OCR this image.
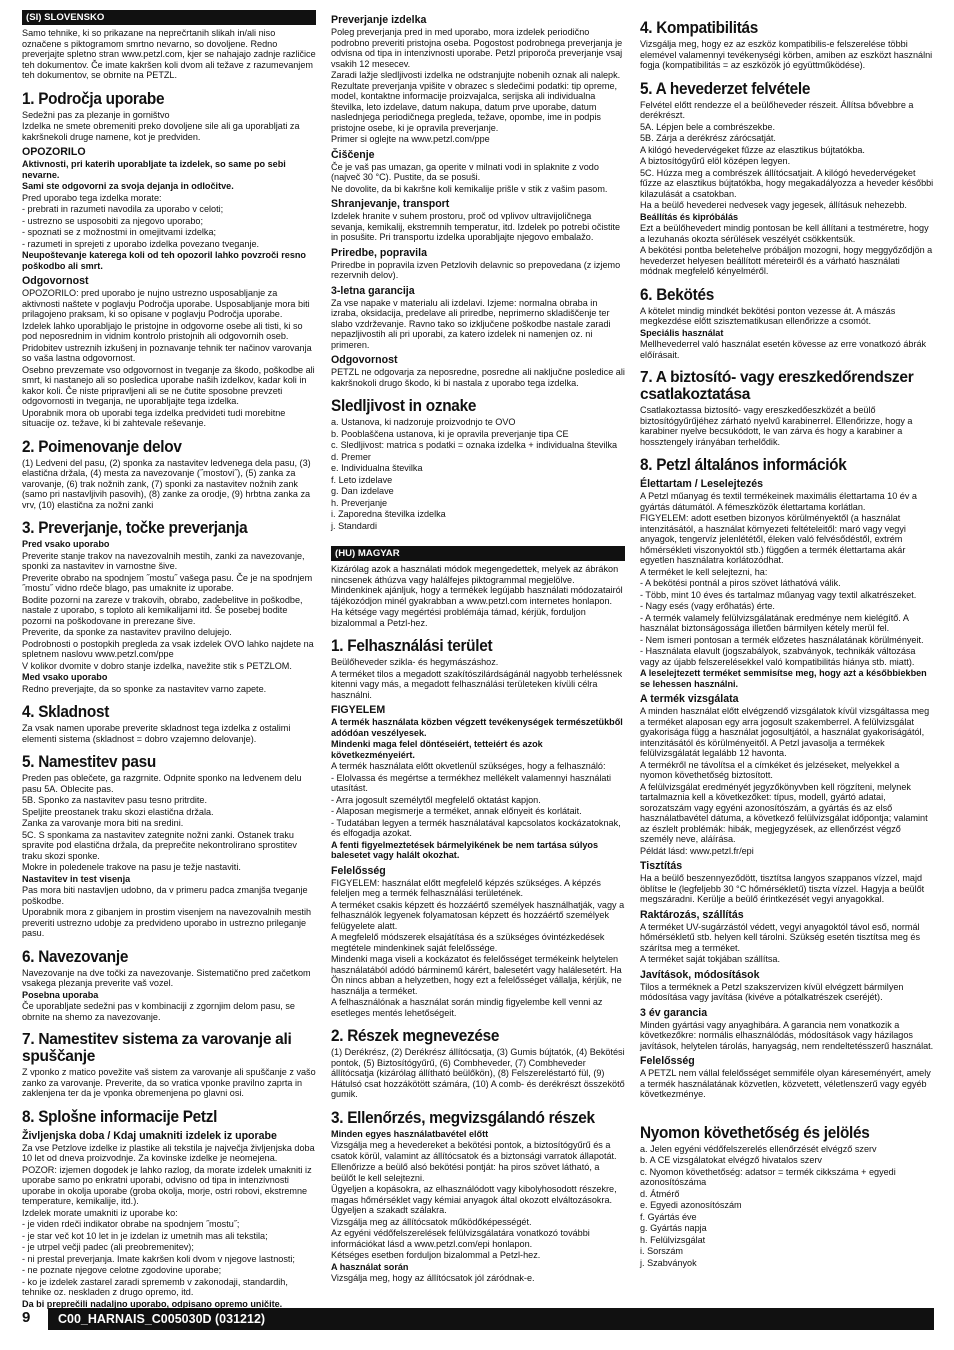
(SI) SLOVENSKO
Samo tehnike, ki so prikazane na neprečrtanih slikah in/ali niso označene s piktogramom smrtno nevarno, so dovoljene. Redno preverjajte spletno stran www.petzl.com, kjer se nahajajo zadnje različice teh dokumentov. Če imate kakršen koli dvom ali težave z razumevanjem teh dokumentov, se obrnite na PETZL.
1. Področja uporabe
Sedežni pas za plezanje in gorništvo
Izdelka ne smete obremeniti preko dovoljene sile ali ga uporabljati za kakršnekoli druge namene, kot je predviden.
OPOZORILO
Aktivnosti, pri katerih uporabljate ta izdelek, so same po sebi nevarne.
Sami ste odgovorni za svoja dejanja in odločitve.
Pred uporabo tega izdelka morate:
- prebrati in razumeti navodila za uporabo v celoti;
- ustrezno se usposobiti za njegovo uporabo;
- spoznati se z možnostmi in omejitvami izdelka;
- razumeti in sprejeti z uporabo izdelka povezano tveganje.
Neupoštevanje katerega koli od teh opozoril lahko povzroči resno poškodbo ali smrt.
Odgovornost
OPOZORILO: pred uporabo je nujno ustrezno usposabljanje za aktivnosti naštete v poglavju Področja uporabe. Usposabljanje mora biti prilagojeno praksam, ki so opisane v poglavju Področja uporabe.
Izdelek lahko uporabljajo le pristojne in odgovorne osebe ali tisti, ki so pod neposrednim in vidnim kontrolo pristojnih ali odgovornih oseb.
Pridobitev ustreznih izkušenj in poznavanje tehnik ter načinov varovanja so vaša lastna odgovornost.
Osebno prevzemate vso odgovornost in tveganje za škodo, poškodbe ali smrt, ki nastanejo ali so posledica uporabe naših izdelkov, kadar koli in kakor koli. Če niste pripravljeni ali se ne čutite sposobne prevzeti odgovornosti in tveganja, ne uporabljajte tega izdelka.
Uporabnik mora ob uporabi tega izdelka predvideti tudi morebitne situacije oz. težave, ki bi zahtevale reševanje.
2. Poimenovanje delov
(1) Ledveni del pasu, (2) sponka za nastavitev ledvenega dela pasu, (3) elastična držala, (4) mesta za navezovanje (˝mostovi˝), (5) zanka za varovanje, (6) trak nožnih zank, (7) sponki za nastavitev nožnih zank (samo pri nastavljivih pasovih), (8) zanke za orodje, (9) hrbtna zanka za vrv, (10) elastična za nožni zanki
3. Preverjanje, točke preverjanja
Pred vsako uporabo
Preverite stanje trakov na navezovalnih mestih, zanki za navezovanje, sponki za nastavitev in varnostne šive.
Preverite obrabo na spodnjem ˝mostu˝ vašega pasu. Če je na spodnjem ˝mostu˝ vidno rdeče blago, pas umaknite iz uporabe.
Bodite pozorni na zareze v trakovih, obrabo, zadebelitve in poškodbe, nastale z uporabo, s toploto ali kemikalijami itd. Še posebej bodite pozorni na poškodovane in prerezane šive.
Preverite, da sponke za nastavitev pravilno delujejo.
Podrobnosti o postopkih pregleda za vsak izdelek OVO lahko najdete na spletnem naslovu www.petzl.com/ppe
V kolikor dvomite v dobro stanje izdelka, navežite stik s PETZLOM.
Med vsako uporabo
Redno preverjajte, da so sponke za nastavitev varno zapete.
4. Skladnost
Za vsak namen uporabe preverite skladnost tega izdelka z ostalimi elementi sistema (skladnost = dobro vzajemno delovanje).
5. Namestitev pasu
Preden pas oblečete, ga razgrnite. Odpnite sponko na ledvenem delu pasu 5A. Oblecite pas.
5B. Sponko za nastavitev pasu tesno pritrdite.
Speljite preostanek traku skozi elastična držala.
Zanka za varovanje mora biti na sredini.
5C. S sponkama za nastavitev zategnite nožni zanki. Ostanek traku spravite pod elastična držala, da preprečite nekontrolirano sprostitev traku skozi sponke.
Mokre in poledenele trakove na pasu je težje nastaviti.
Nastavitev in test visenja
Pas mora biti nastavljen udobno, da v primeru padca zmanjša tveganje poškodbe.
Uporabnik mora z gibanjem in prostim visenjem na navezovalnih mestih preveriti ustrezno udobje za predvideno uporabo in ustrezno prileganje pasu.
6. Navezovanje
Navezovanje na dve točki za navezovanje. Sistematično pred začetkom vsakega plezanja preverite vaš vozel.
Posebna uporaba
Če uporabljate sedežni pas v kombinaciji z zgornjim delom pasu, se obrnite na shemo za navezovanje.
7. Namestitev sistema za varovanje ali spuščanje
Z vponko z matico povežite vaš sistem za varovanje ali spuščanje z vašo zanko za varovanje. Preverite, da so vratica vponke pravilno zaprta in zaklenjena ter da je vponka obremenjena po glavni osi.
8. Splošne informacije Petzl
Življenjska doba / Kdaj umakniti izdelek iz uporabe
Za vse Petzlove izdelke iz plastike ali tekstila je največja življenjska doba 10 let od dneva proizvodnje. Za kovinske izdelke je neomejena.
POZOR: izjemen dogodek je lahko razlog, da morate izdelek umakniti iz uporabe samo po enkratni uporabi, odvisno od tipa in intenzivnosti uporabe in okolja uporabe (groba okolja, morje, ostri robovi, ekstremne temperature, kemikalije, itd.).
Izdelek morate umakniti iz uporabe ko:
- je viden rdeči indikator obrabe na spodnjem ˝mostu˝;
- je star več kot 10 let in je izdelan iz umetnih mas ali tekstila;
- je utrpel večji padec (ali preobremenitev);
- ni prestal preverjanja. Imate kakršen koli dvom v njegove lastnosti;
- ne poznate njegove celotne zgodovine uporabe;
- ko je izdelek zastarel zaradi sprememb v zakonodaji, standardih, tehnike oz. neskladen z drugo opremo, itd.
Da bi preprečili nadaljno uporabo, odpisano opremo uničite.
Preverjanje izdelka
Poleg preverjanja pred in med uporabo, mora izdelek periodično podrobno preveriti pristojna oseba. Pogostost podrobnega preverjanja je odvisna od tipa in intenzivnosti uporabe. Petzl priporoča preverjanje vsaj vsakih 12 mesecev.
Zaradi lažje sledljivosti izdelka ne odstranjujte nobenih oznak ali nalepk. Rezultate preverjanja vpišite v obrazec s sledečimi podatki: tip opreme, model, kontaktne informacije proizvajalca, serijska ali individualna številka, leto izdelave, datum nakupa, datum prve uporabe, datum naslednjega periodičnega pregleda, težave, opombe, ime in podpis pristojne osebe, ki je opravila preverjanje.
Primer si oglejte na www.petzl.com/ppe
Čiščenje
Če je vaš pas umazan, ga operite v milnati vodi in splaknite z vodo (največ 30 °C). Pustite, da se posuši.
Ne dovolite, da bi kakršne koli kemikalije prišle v stik z vašim pasom.
Shranjevanje, transport
Izdelek hranite v suhem prostoru, proč od vplivov ultravijoličnega sevanja, kemikalij, ekstremnih temperatur, itd. Izdelek po potrebi očistite in posušite. Pri transportu izdelka uporabljajte njegovo embalažo.
Priredbe, popravila
Priredbe in popravila izven Petzlovih delavnic so prepovedana (z izjemo rezervnih delov).
3-letna garancija
Za vse napake v materialu ali izdelavi. Izjeme: normalna obraba in izraba, oksidacija, predelave ali priredbe, neprimerno skladiščenje ter slabo vzdrževanje. Ravno tako so izključene poškodbe nastale zaradi nepazljivostih ali pri uporabi, za katero izdelek ni namenjen oz. ni primeren.
Odgovornost
PETZL ne odgovarja za neposredne, posredne ali naključne posledice ali kakršnokoli drugo škodo, ki bi nastala z uporabo tega izdelka.
Sledljivost in oznake
a. Ustanova, ki nadzoruje proizvodnjo te OVO
b. Pooblaščena ustanova, ki je opravila preverjanje tipa CE
c. Sledljivost: matrica s podatki = oznaka izdelka + individualna številka
d. Premer
e. Individualna številka
f. Leto izdelave
g. Dan izdelave
h. Preverjanje
i. Zaporedna številka izdelka
j. Standardi
(HU) MAGYAR
Kizárólag azok a használati módok megengedettek, melyek az ábrákon nincsenek áthúzva vagy halálfejes piktogrammal megjelölve. Mindenkinek ajánljuk, hogy a termékek legújabb használati módozatairól tájékozódjon minél gyakrabban a www.petzl.com internetes honlapon.
Ha kétsége vagy megértési problémája támad, kérjük, forduljon bizalommal a Petzl-hez.
1. Felhasználási terület
Beülőheveder szikla- és hegymászáshoz.
A terméket tilos a megadott szakítószilárdságánál nagyobb terheléssnek kitenni vagy más, a megadott felhasználási területeken kívüli célra használni.
FIGYELEM
A termék használata közben végzett tevékenységek természetükből adódóan veszélyesek.
Mindenki maga felel döntéseiért, tetteiért és azok következményeiért.
A termék használata előtt okvetlenül szükséges, hogy a felhasználó:
- Elolvassa és megértse a termékhez mellékelt valamennyi használati utasítást.
- Arra jogosult személytől megfelelő oktatást kapjon.
- Alaposan megismerje a terméket, annak előnyeit és korlátait.
- Tudatában legyen a termék használatával kapcsolatos kockázatoknak, és elfogadja azokat.
A fenti figyelmeztetések bármelyikének be nem tartása súlyos balesetet vagy halált okozhat.
Felelősség
FIGYELEM: használat előtt megfelelő képzés szükséges. A képzés feleljen meg a termék felhasználási területének.
A terméket csakis képzett és hozzáértő személyek használhatják, vagy a felhasználók legyenek folyamatosan képzett és hozzáértő személyek felügyelete alatt.
A megfelelő módszerek elsajátítása és a szükséges óvintézkedések megtétele mindenkinek saját felelőssége.
Mindenki maga viseli a kockázatot és felelősséget termékeink helytelen használatából adódó bárminemű kárért, balesetért vagy halálesetért. Ha Ön nincs abban a helyzetben, hogy ezt a felelősséget vállalja, kérjük, ne használja a terméket.
A felhasználónak a használat során mindig figyelembe kell venni az esetleges mentés lehetőségeit.
2. Részek megnevezése
(1) Derékrész, (2) Derékrész állítócsatja, (3) Gumis bújtatók, (4) Bekötési pontok, (5) Biztosítógyűrű, (6) Combheveder, (7) Combheveder állítócsatja (kizárólag állítható beülőkön), (8) Felszereléstartó fül, (9) Hátulsó csat hozzákötött számára, (10) A comb- és derékrészt összekötő gumik.
3. Ellenőrzés, megvizsgálandó részek
Minden egyes használatbavétel előtt
Vizsgálja meg a hevedereket a bekötési pontok, a biztosítógyűrű és a csatok körül, valamint az állítócsatok és a biztonsági varratok állapotát.
Ellenőrizze a beülő alsó bekötési pontját: ha piros szövet látható, a beülőt le kell selejtezni.
Ügyeljen a kopásokra, az elhasználódott vagy kibolyhosodott részekre, magas hőmérséklet vagy kémiai anyagok által okozott elváltozásokra. Ügyeljen a szakadt szálakra.
Vizsgálja meg az állítócsatok működőképességét.
Az egyéni védőfelszerelések felülvizsgálatára vonatkozó további információkat lásd a www.petzl.com/epi honlapon.
Kétséges esetben forduljon bizalommal a Petzl-hez.
A használat során
Vizsgálja meg, hogy az állítócsatok jól záródnak-e.
4. Kompatibilitás
Vizsgálja meg, hogy ez az eszköz kompatibilis-e felszerelése többi elemével valamennyi tevékenységi körben, amiben az eszközt használni fogja (kompatibilitás = az eszközök jó együttműködése).
5. A hevederzet felvétele
Felvétel előtt rendezze el a beülőheveder részeit. Állítsa bővebbre a derékrészt.
5A. Lépjen bele a combrészekbe.
5B. Zárja a derékrész zárócsatját.
A kilógó hevedervégeket fűzze az elasztikus bújtatókba.
A biztosítógyűrű elöl középen legyen.
5C. Húzza meg a combrészek állítócsatjait. A kilógó hevedervégeket fűzze az elasztikus bújtatókba, hogy megakadályozza a heveder későbbi kilazulását a csatokban.
Ha a beülő hevederei nedvesek vagy jegesek, állításuk nehezebb.
Beállítás és kipróbálás
Ezt a beülőhevedert mindig pontosan be kell állítani a testméretre, hogy a lezuhanás okozta sérülések veszélyét csökkentsük.
A bekötési pontba beletehelve próbáljon mozogni, hogy meggyőződjön a hevederzet helyesen beállított méreteiről és a várható használati módnak megfelelő kényelméről.
6. Bekötés
A kötelet mindig mindkét bekötési ponton vezesse át. A mászás megkezdése előtt szisztematikusan ellenőrizze a csomót.
Speciális használat
Mellhevederrel való használat esetén kövesse az erre vonatkozó ábrák előírásait.
7. A biztosító- vagy ereszkedőrendszer csatlakoztatása
Csatlakoztassa biztosító- vagy ereszkedőeszközét a beülő biztosítógyűrűjéhez zárható nyelvű karabinerrel. Ellenőrizze, hogy a karabiner nyelve becsukódott, le van zárva és hogy a karabiner a hossztengely irányában terhelődik.
8. Petzl általános információk
Élettartam / Leselejtezés
A Petzl műanyag és textil termékeinek maximális élettartama 10 év a gyártás dátumától. A fémeszközök élettartama korlátlan.
FIGYELEM: adott esetben bizonyos körülményektől (a használat intenzitásától, a használat környezeti feltételeitől: maró vagy vegyi anyagok, tengervíz jelenlététől, éleken való felvésődéstől, extrém hőmérsékleti viszonyoktól stb.) függően a termék élettartama akár egyetlen használatra korlátozódhat.
A terméket le kell selejtezni, ha:
- A bekötési pontnál a piros szövet láthatóvá válik.
- Több, mint 10 éves és tartalmaz műanyag vagy textil alkatrészeket.
- Nagy esés (vagy erőhatás) érte.
- A termék valamely felülvizsgálatának eredménye nem kielégítő. A használat biztonságossága illetően bármilyen kétely merül fel.
- Nem ismeri pontosan a termék előzetes használatának körülményeit.
- Használata elavult (jogszabályok, szabványok, technikák változása vagy az újabb felszerelésekkel való kompatibilitás hiánya stb. miatt).
A leselejtezett terméket semmisítse meg, hogy azt a későbbiekben se lehessen használni.
A termék vizsgálata
A minden használat előtt elvégzendő vizsgálatok kívül vizsgáltassa meg a terméket alaposan egy arra jogosult szakemberrel. A felülvizsgálat gyakorisága függ a használat jogosultjától, a használat gyakoriságától, intenzitásától és körülményeitől. A Petzl javasolja a termékek felülvizsgálatát legalább 12 havonta.
A termékről ne távolítsa el a címkéket és jelzéseket, melyekkel a nyomon követhetőség biztosított.
A felülvizsgálat eredményét jegyzőkönyvben kell rögzíteni, melynek tartalmaznia kell a következőket: típus, modell, gyártó adatai, sorozatszám vagy egyéni azonosítószám, a gyártás és az első használatbavétel dátuma, a következő felülvizsgálat időpontja; valamint az észlelt problémák: hibák, megjegyzések, az ellenőrzést végző személy neve, aláírása.
Példát lásd: www.petzl.fr/epi
Tisztítás
Ha a beülő beszennyeződött, tisztítsa langyos szappanos vízzel, majd öblítse le (legfeljebb 30 °C hőmérsékletű) tiszta vízzel. Hagyja a beülőt megszáradni. Kerülje a beülő érintkezését vegyi anyagokkal.
Raktározás, szállítás
A terméket UV-sugárzástól védett, vegyi anyagoktól távol eső, normál hőmérsékletű stb. helyen kell tárolni. Szükség esetén tisztítsa meg és szárítsa meg a terméket.
A terméket saját tokjában szállítsa.
Javítások, módosítások
Tilos a terméknek a Petzl szakszervizen kívül elvégzett bármilyen módosítása vagy javítása (kivéve a pótalkatrészek cseréjét).
3 év garancia
Minden gyártási vagy anyaghibára. A garancia nem vonatkozik a következőkre: normális elhasználódás, módosítások vagy házilagos javítások, helytelen tárolás, hanyagság, nem rendeltetésszerű használat.
Felelősség
A PETZL nem vállal felelősséget semmiféle olyan káreseményért, amely a termék használatának közvetlen, közvetett, véletlenszerű vagy egyéb következménye.
Nyomon követhetőség és jelölés
a. Jelen egyéni védőfelszerelés ellenőrzését elvégző szerv
b. A CE vizsgálatokat elvégző hivatalos szerv
c. Nyomon követhetőség: adatsor = termék cikkszáma + egyedi azonosítószáma
d. Átmérő
e. Egyedi azonosítószám
f. Gyártás éve
g. Gyártás napja
h. Felülvizsgálat
i. Sorszám
j. Szabványok
9	C00_HARNAIS_C005030D (031212)
